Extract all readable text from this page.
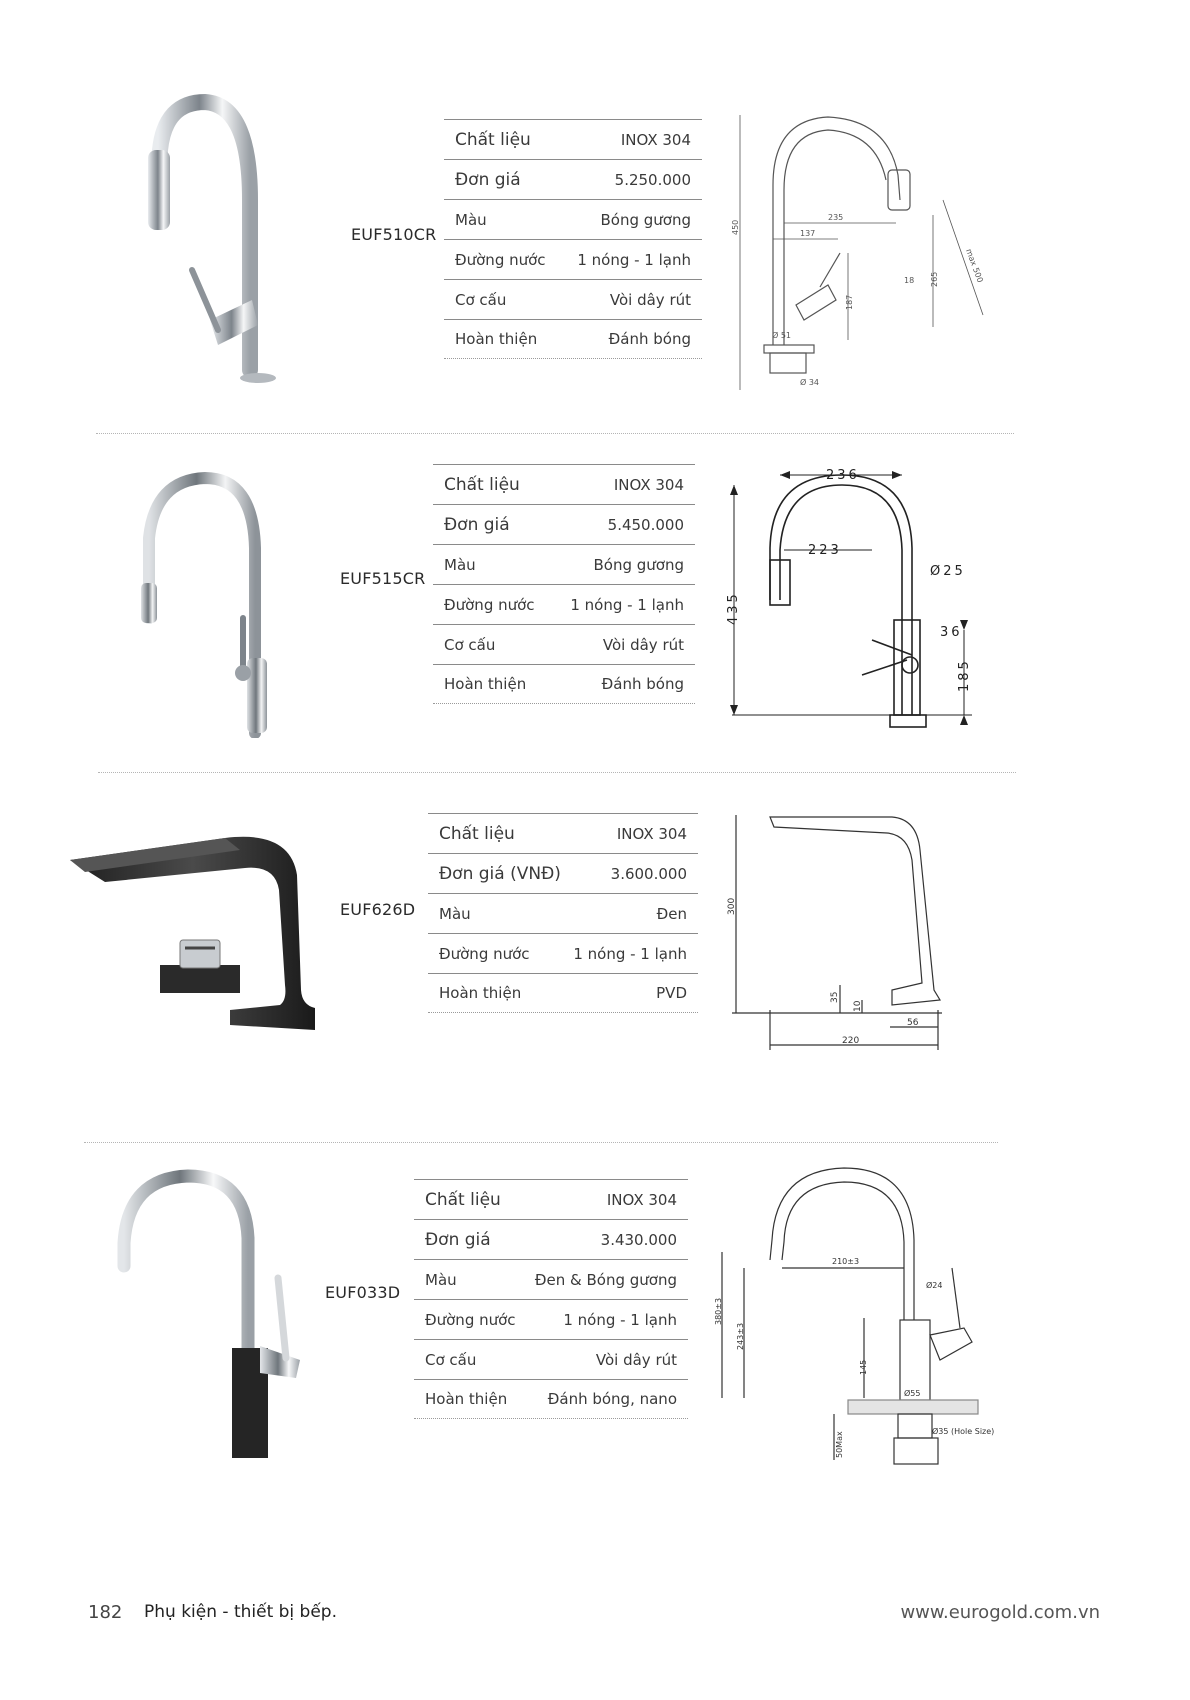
EUF510CR
Chất liệu	INOX 304
Đơn giá	5.250.000
Màu	Bóng gương
Đường nước 1 nóng - 1 lạnh
Cơ cấu	Vòi dây rút
Hoàn thiện	Đánh bóng
450
235
137
187
265	max 500
18
Ø 51
Ø 34
EUF515CR
Chất liệu	INOX 304
Đơn giá	5.450.000
Màu	Bóng gương
Đường nước 1 nóng - 1 lạnh
Cơ cấu	Vòi dây rút
Hoàn thiện	Đánh bóng
236
223
Ø25
435
36
185
EUF626D
Chất liệu	INOX 304
Đơn giá (VNĐ)	3.600.000
Màu	Đen
Đường nước	1 nóng - 1 lạnh
Hoàn thiện	PVD
300
35
10
56
220
EUF033D
Chất liệu	INOX 304
Đơn giá	3.430.000
Màu	Đen & Bóng gương
Đường nước	1 nóng - 1 lạnh
Cơ cấu	Vòi dây rút
Hoàn thiện	Đánh bóng, nano
210±3
380±3
243±3
Ø24
145
Ø55
Ø35 (Hole Size)
50Max
182 Phụ kiện - thiết bị bếp.	www.eurogold.com.vn
